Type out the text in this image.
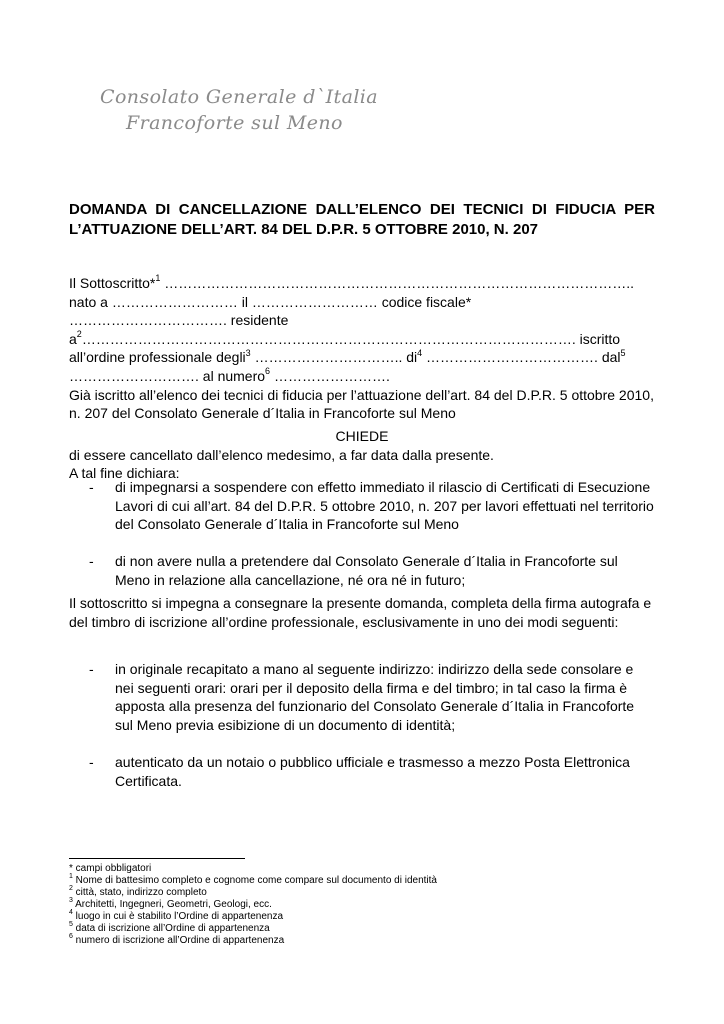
Consolato Generale d`Italia
Francoforte sul Meno
DOMANDA DI CANCELLAZIONE DALL’ELENCO DEI TECNICI DI FIDUCIA PER L’ATTUAZIONE DELL’ART. 84 DEL D.P.R. 5 OTTOBRE 2010, N. 207
Il Sottoscritto*$^1$ ………………………………………………………………………………………..
nato a ……………………… il ……………………… codice fiscale*
……………………………. residente
$a^2\dots\dots\dots\dots\dots\dots\dots\dots\dots\dots\dots\dots\dots\dots\dots\dots\dots\dots\dots\dots\dots\dots\dots\dots\dots\dots\dots\dots\dots\dots\dots\dots\dots\dots\dots$. iscritto
all’ordine professionale degli$^3$ ………………………….. $di^4$ ………………………………. dal$^5$
………………………. al numero$^6$ …………………….
Già iscritto all’elenco dei tecnici di fiducia per l’attuazione dell’art. 84 del D.P.R. 5 ottobre 2010, n. 207 del Consolato Generale d´Italia in Francoforte sul Meno
CHIEDE
di essere cancellato dall’elenco medesimo, a far data dalla presente.
A tal fine dichiara:
- di impegnarsi a sospendere con effetto immediato il rilascio di Certificati di Esecuzione Lavori di cui all’art. 84 del D.P.R. 5 ottobre 2010, n. 207 per lavori effettuati nel territorio del Consolato Generale d´Italia in Francoforte sul Meno
- di non avere nulla a pretendere dal Consolato Generale d´Italia in Francoforte sul Meno in relazione alla cancellazione, né ora né in futuro;
Il sottoscritto si impegna a consegnare la presente domanda, completa della firma autografa e del timbro di iscrizione all’ordine professionale, esclusivamente in uno dei modi seguenti:
- in originale recapitato a mano al seguente indirizzo: indirizzo della sede consolare e nei seguenti orari: orari per il deposito della firma e del timbro; in tal caso la firma è apposta alla presenza del funzionario del Consolato Generale d´Italia in Francoforte sul Meno previa esibizione di un documento di identità;
- autenticato da un notaio o pubblico ufficiale e trasmesso a mezzo Posta Elettronica Certificata.
* campi obbligatori
$^1$ Nome di battesimo completo e cognome come compare sul documento di identità
$^2$ città, stato, indirizzo completo
$^3$ Architetti, Ingegneri, Geometri, Geologi, ecc.
$^4$ luogo in cui è stabilito l’Ordine di appartenenza
$^5$ data di iscrizione all’Ordine di appartenenza
$^6$ numero di iscrizione all’Ordine di appartenenza
